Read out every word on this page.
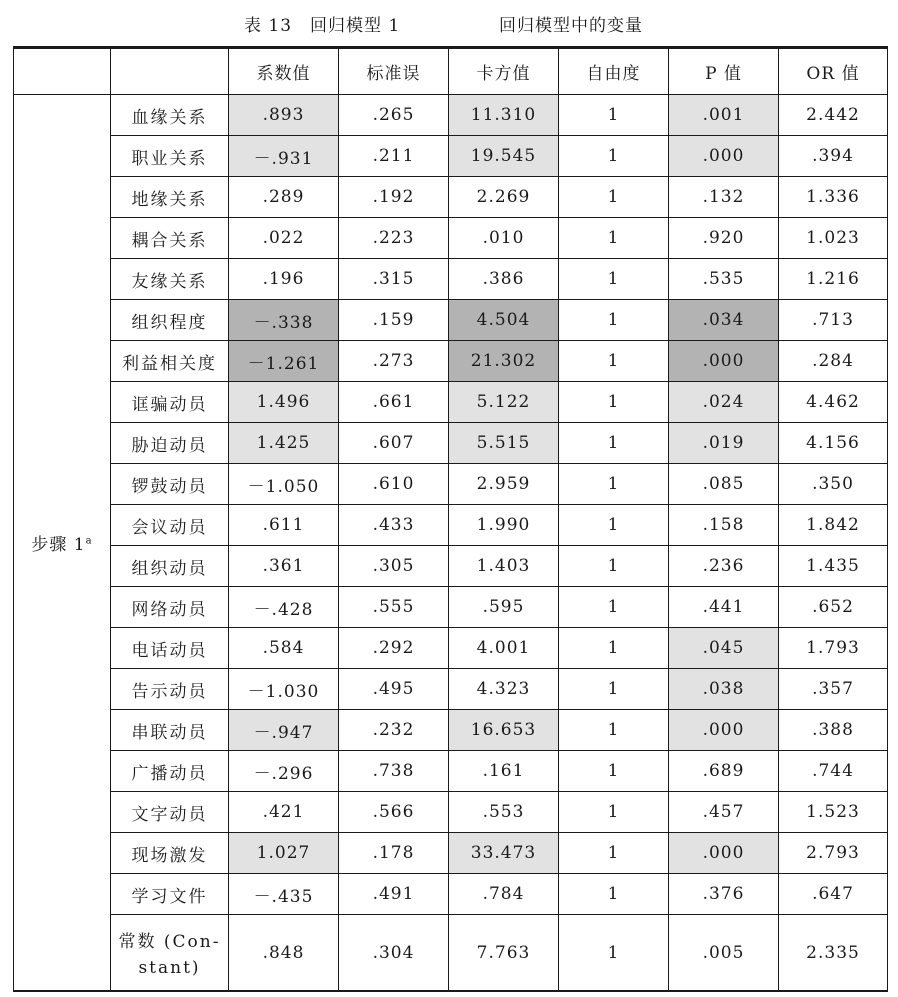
表 13　回归模型 1	回归模型中的变量
		系数值	标准误	卡方值	自由度	P 值	OR 值
步骤 1$^a$	血缘关系	.893	.265	11.310	1	.001	2.442
	职业关系	－.931	.211	19.545	1	.000	.394
	地缘关系	.289	.192	2.269	1	.132	1.336
	耦合关系	.022	.223	.010	1	.920	1.023
	友缘关系	.196	.315	.386	1	.535	1.216
	组织程度	－.338	.159	4.504	1	.034	.713
	利益相关度	－1.261	.273	21.302	1	.000	.284
	诓骗动员	1.496	.661	5.122	1	.024	4.462
	胁迫动员	1.425	.607	5.515	1	.019	4.156
	锣鼓动员	－1.050	.610	2.959	1	.085	.350
	会议动员	.611	.433	1.990	1	.158	1.842
	组织动员	.361	.305	1.403	1	.236	1.435
	网络动员	－.428	.555	.595	1	.441	.652
	电话动员	.584	.292	4.001	1	.045	1.793
	告示动员	－1.030	.495	4.323	1	.038	.357
	串联动员	－.947	.232	16.653	1	.000	.388
	广播动员	－.296	.738	.161	1	.689	.744
	文字动员	.421	.566	.553	1	.457	1.523
	现场激发	1.027	.178	33.473	1	.000	2.793
	学习文件	－.435	.491	.784	1	.376	.647

	常数 (Con-
stant)	.848	.304	7.763	1	.005	2.335
